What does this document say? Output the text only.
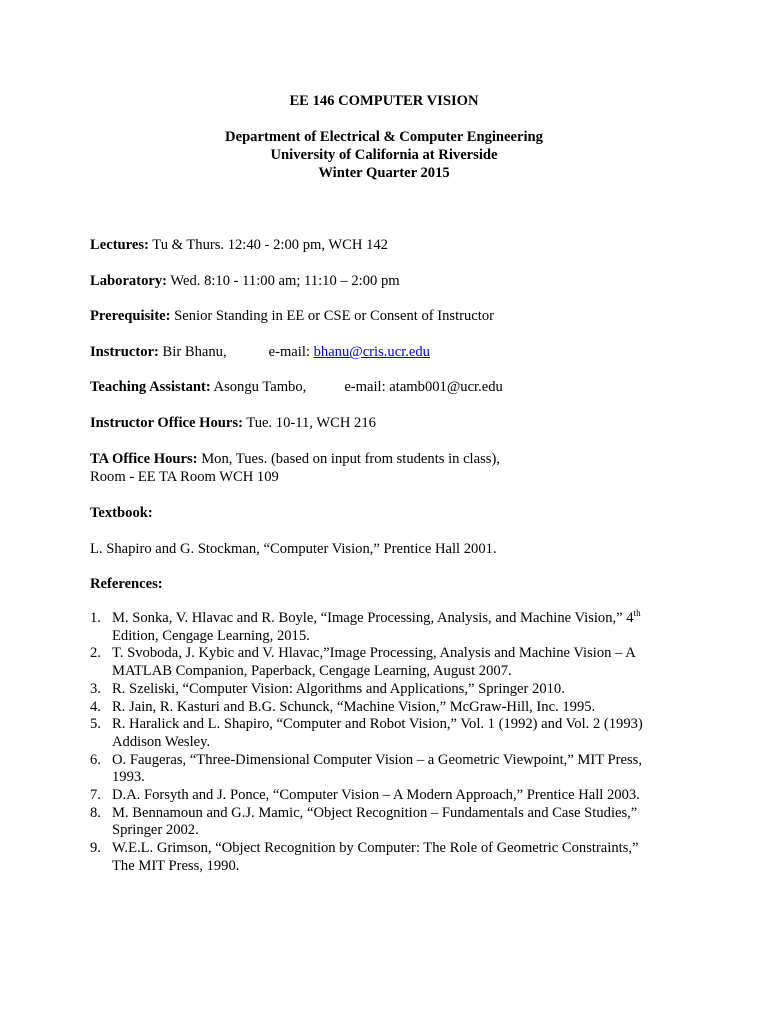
EE 146 COMPUTER VISION
Department of Electrical & Computer Engineering
University of California at Riverside
Winter Quarter 2015
Lectures: Tu & Thurs. 12:40 - 2:00 pm, WCH 142
Laboratory: Wed. 8:10 - 11:00 am; 11:10 – 2:00 pm
Prerequisite: Senior Standing in EE or CSE or Consent of Instructor
Instructor: Bir Bhanu,	e-mail: bhanu@cris.ucr.edu
Teaching Assistant: Asongu Tambo,	e-mail: atamb001@ucr.edu
Instructor Office Hours: Tue. 10-11, WCH 216
TA Office Hours: Mon, Tues. (based on input from students in class),
Room - EE TA Room WCH 109
Textbook:
L. Shapiro and G. Stockman, “Computer Vision,” Prentice Hall 2001.
References:
1. M. Sonka, V. Hlavac and R. Boyle, “Image Processing, Analysis, and Machine Vision,” 4th
Edition, Cengage Learning, 2015.
2. T. Svoboda, J. Kybic and V. Hlavac,”Image Processing, Analysis and Machine Vision – A
MATLAB Companion, Paperback, Cengage Learning, August 2007.
3. R. Szeliski, “Computer Vision: Algorithms and Applications,” Springer 2010.
4. R. Jain, R. Kasturi and B.G. Schunck, “Machine Vision,” McGraw-Hill, Inc. 1995.
5. R. Haralick and L. Shapiro, “Computer and Robot Vision,” Vol. 1 (1992) and Vol. 2 (1993)
Addison Wesley.
6. O. Faugeras, “Three-Dimensional Computer Vision – a Geometric Viewpoint,” MIT Press,
1993.
7. D.A. Forsyth and J. Ponce, “Computer Vision – A Modern Approach,” Prentice Hall 2003.
8. M. Bennamoun and G.J. Mamic, “Object Recognition – Fundamentals and Case Studies,”
Springer 2002.
9. W.E.L. Grimson, “Object Recognition by Computer: The Role of Geometric Constraints,”
The MIT Press, 1990.
